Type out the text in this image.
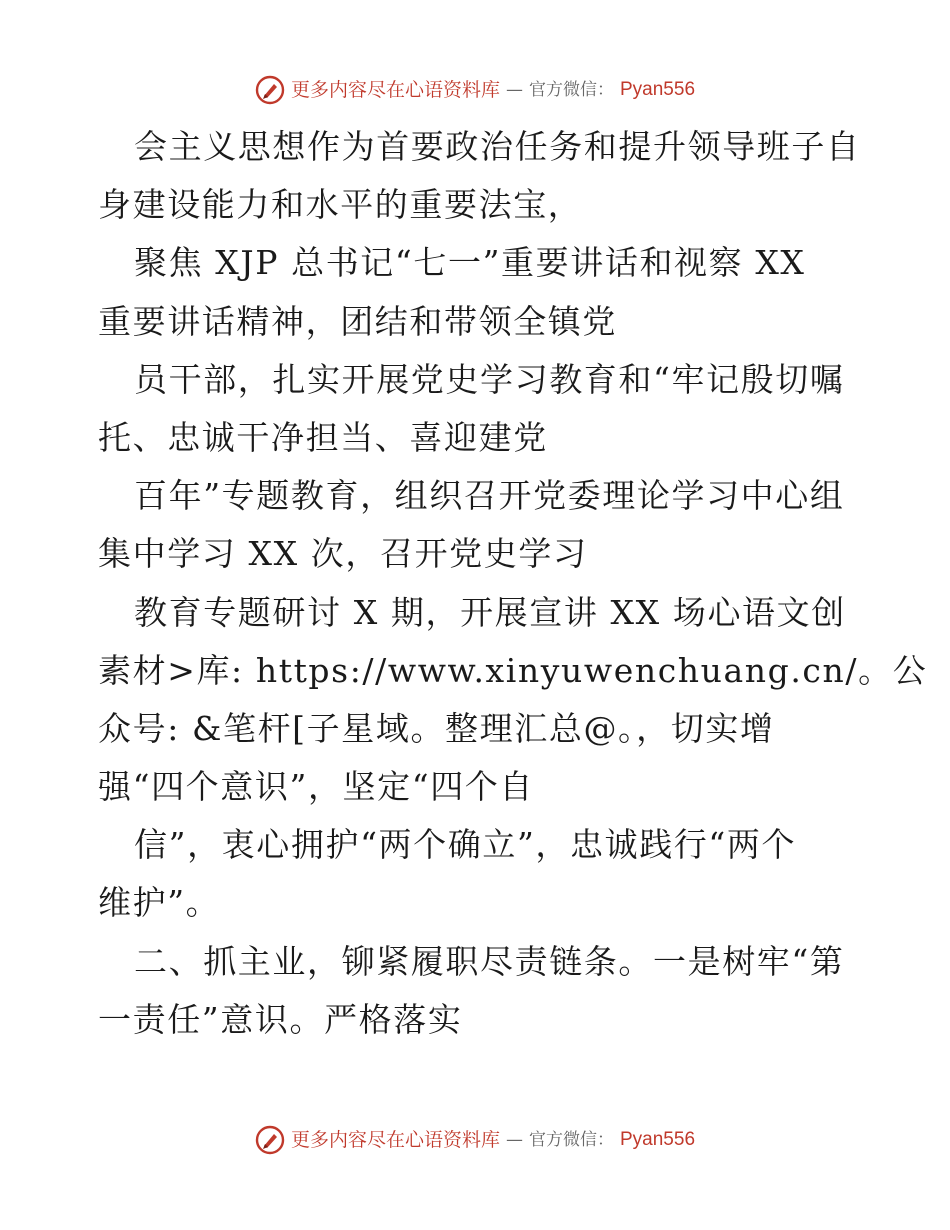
更多内容尽在心语资料库 — 官方微信： Pyan556
会主义思想作为首要政治任务和提升领导班子自
身建设能力和水平的重要法宝，
聚焦 XJP 总书记“七一”重要讲话和视察 XX
重要讲话精神，团结和带领全镇党
员干部，扎实开展党史学习教育和“牢记殷切嘱
托、忠诚干净担当、喜迎建党
百年”专题教育，组织召开党委理论学习中心组
集中学习 XX 次，召开党史学习
教育专题研讨 X 期，开展宣讲 XX 场心语文创
素材>库: https://www.xinyuwenchuang.cn/。公
众号: &笔杆[子星域。整理汇总@。，切实增
强“四个意识”，坚定“四个自
信”，衷心拥护“两个确立”，忠诚践行“两个
维护”。
二、抓主业，铆紧履职尽责链条。一是树牢“第
一责任”意识。严格落实
更多内容尽在心语资料库 — 官方微信： Pyan556
